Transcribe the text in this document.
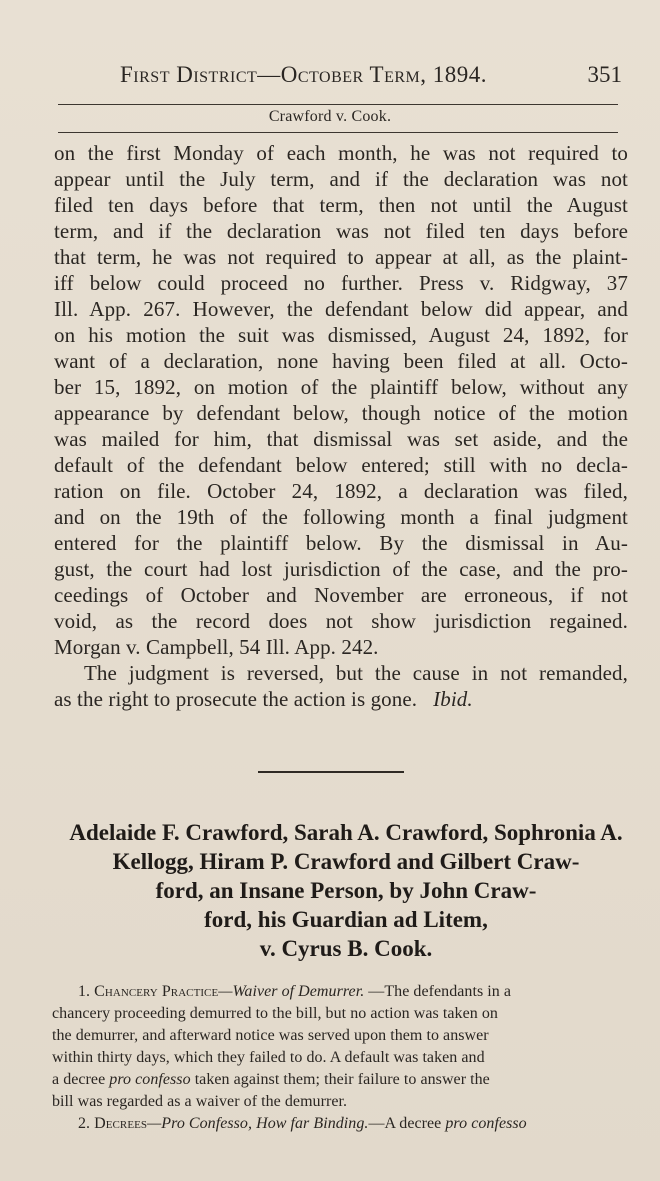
First District—October Term, 1894.	351
Crawford v. Cook.
on the first Monday of each month, he was not required to
appear until the July term, and if the declaration was not
filed ten days before that term, then not until the August
term, and if the declaration was not filed ten days before
that term, he was not required to appear at all, as the plaint-
iff below could proceed no further. Press v. Ridgway, 37
Ill. App. 267. However, the defendant below did appear, and
on his motion the suit was dismissed, August 24, 1892, for
want of a declaration, none having been filed at all. Octo-
ber 15, 1892, on motion of the plaintiff below, without any
appearance by defendant below, though notice of the motion
was mailed for him, that dismissal was set aside, and the
default of the defendant below entered; still with no decla-
ration on file. October 24, 1892, a declaration was filed,
and on the 19th of the following month a final judgment
entered for the plaintiff below. By the dismissal in Au-
gust, the court had lost jurisdiction of the case, and the pro-
ceedings of October and November are erroneous, if not
void, as the record does not show jurisdiction regained.
Morgan v. Campbell, 54 Ill. App. 242.
The judgment is reversed, but the cause in not remanded,
as the right to prosecute the action is gone. Ibid.
Adelaide F. Crawford, Sarah A. Crawford, Sophronia A.
Kellogg, Hiram P. Crawford and Gilbert Craw-
ford, an Insane Person, by John Craw-
ford, his Guardian ad Litem,
v. Cyrus B. Cook.
1. Chancery Practice—Waiver of Demurrer. —The defendants in a
chancery proceeding demurred to the bill, but no action was taken on
the demurrer, and afterward notice was served upon them to answer
within thirty days, which they failed to do. A default was taken and
a decree pro confesso taken against them; their failure to answer the
bill was regarded as a waiver of the demurrer.
2. Decrees—Pro Confesso, How far Binding.—A decree pro confesso
